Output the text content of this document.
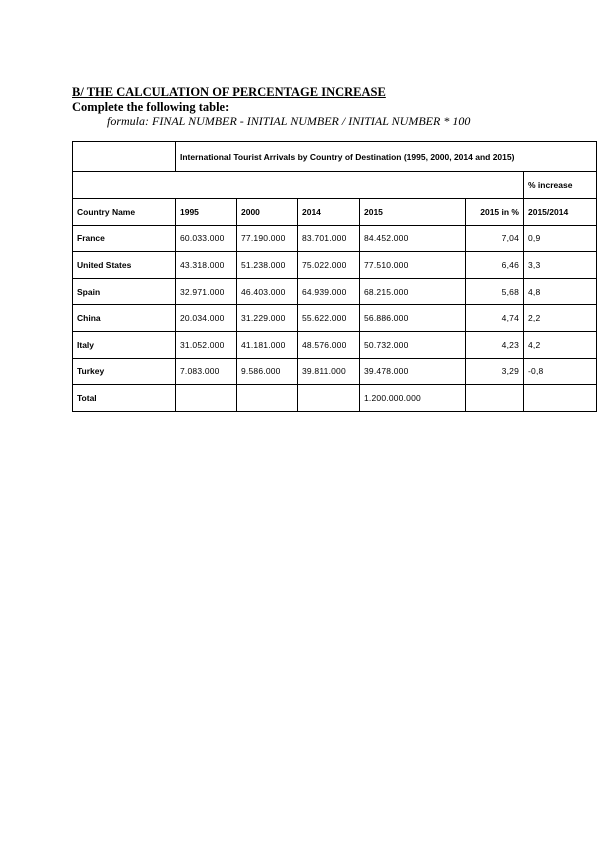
B/ THE CALCULATION OF PERCENTAGE INCREASE
Complete the following table:
formula: FINAL NUMBER - INITIAL NUMBER / INITIAL NUMBER * 100
	International Tourist Arrivals by Country of Destination (1995, 2000, 2014 and 2015)					
						% increase
Country Name	1995	2000	2014	2015	2015 in %	2015/2014
France	60.033.000	77.190.000	83.701.000	84.452.000	7,04	0,9
United States	43.318.000	51.238.000	75.022.000	77.510.000	6,46	3,3
Spain	32.971.000	46.403.000	64.939.000	68.215.000	5,68	4,8
China	20.034.000	31.229.000	55.622.000	56.886.000	4,74	2,2
Italy	31.052.000	41.181.000	48.576.000	50.732.000	4,23	4,2
Turkey	7.083.000	9.586.000	39.811.000	39.478.000	3,29	-0,8
Total				1.200.000.000		
